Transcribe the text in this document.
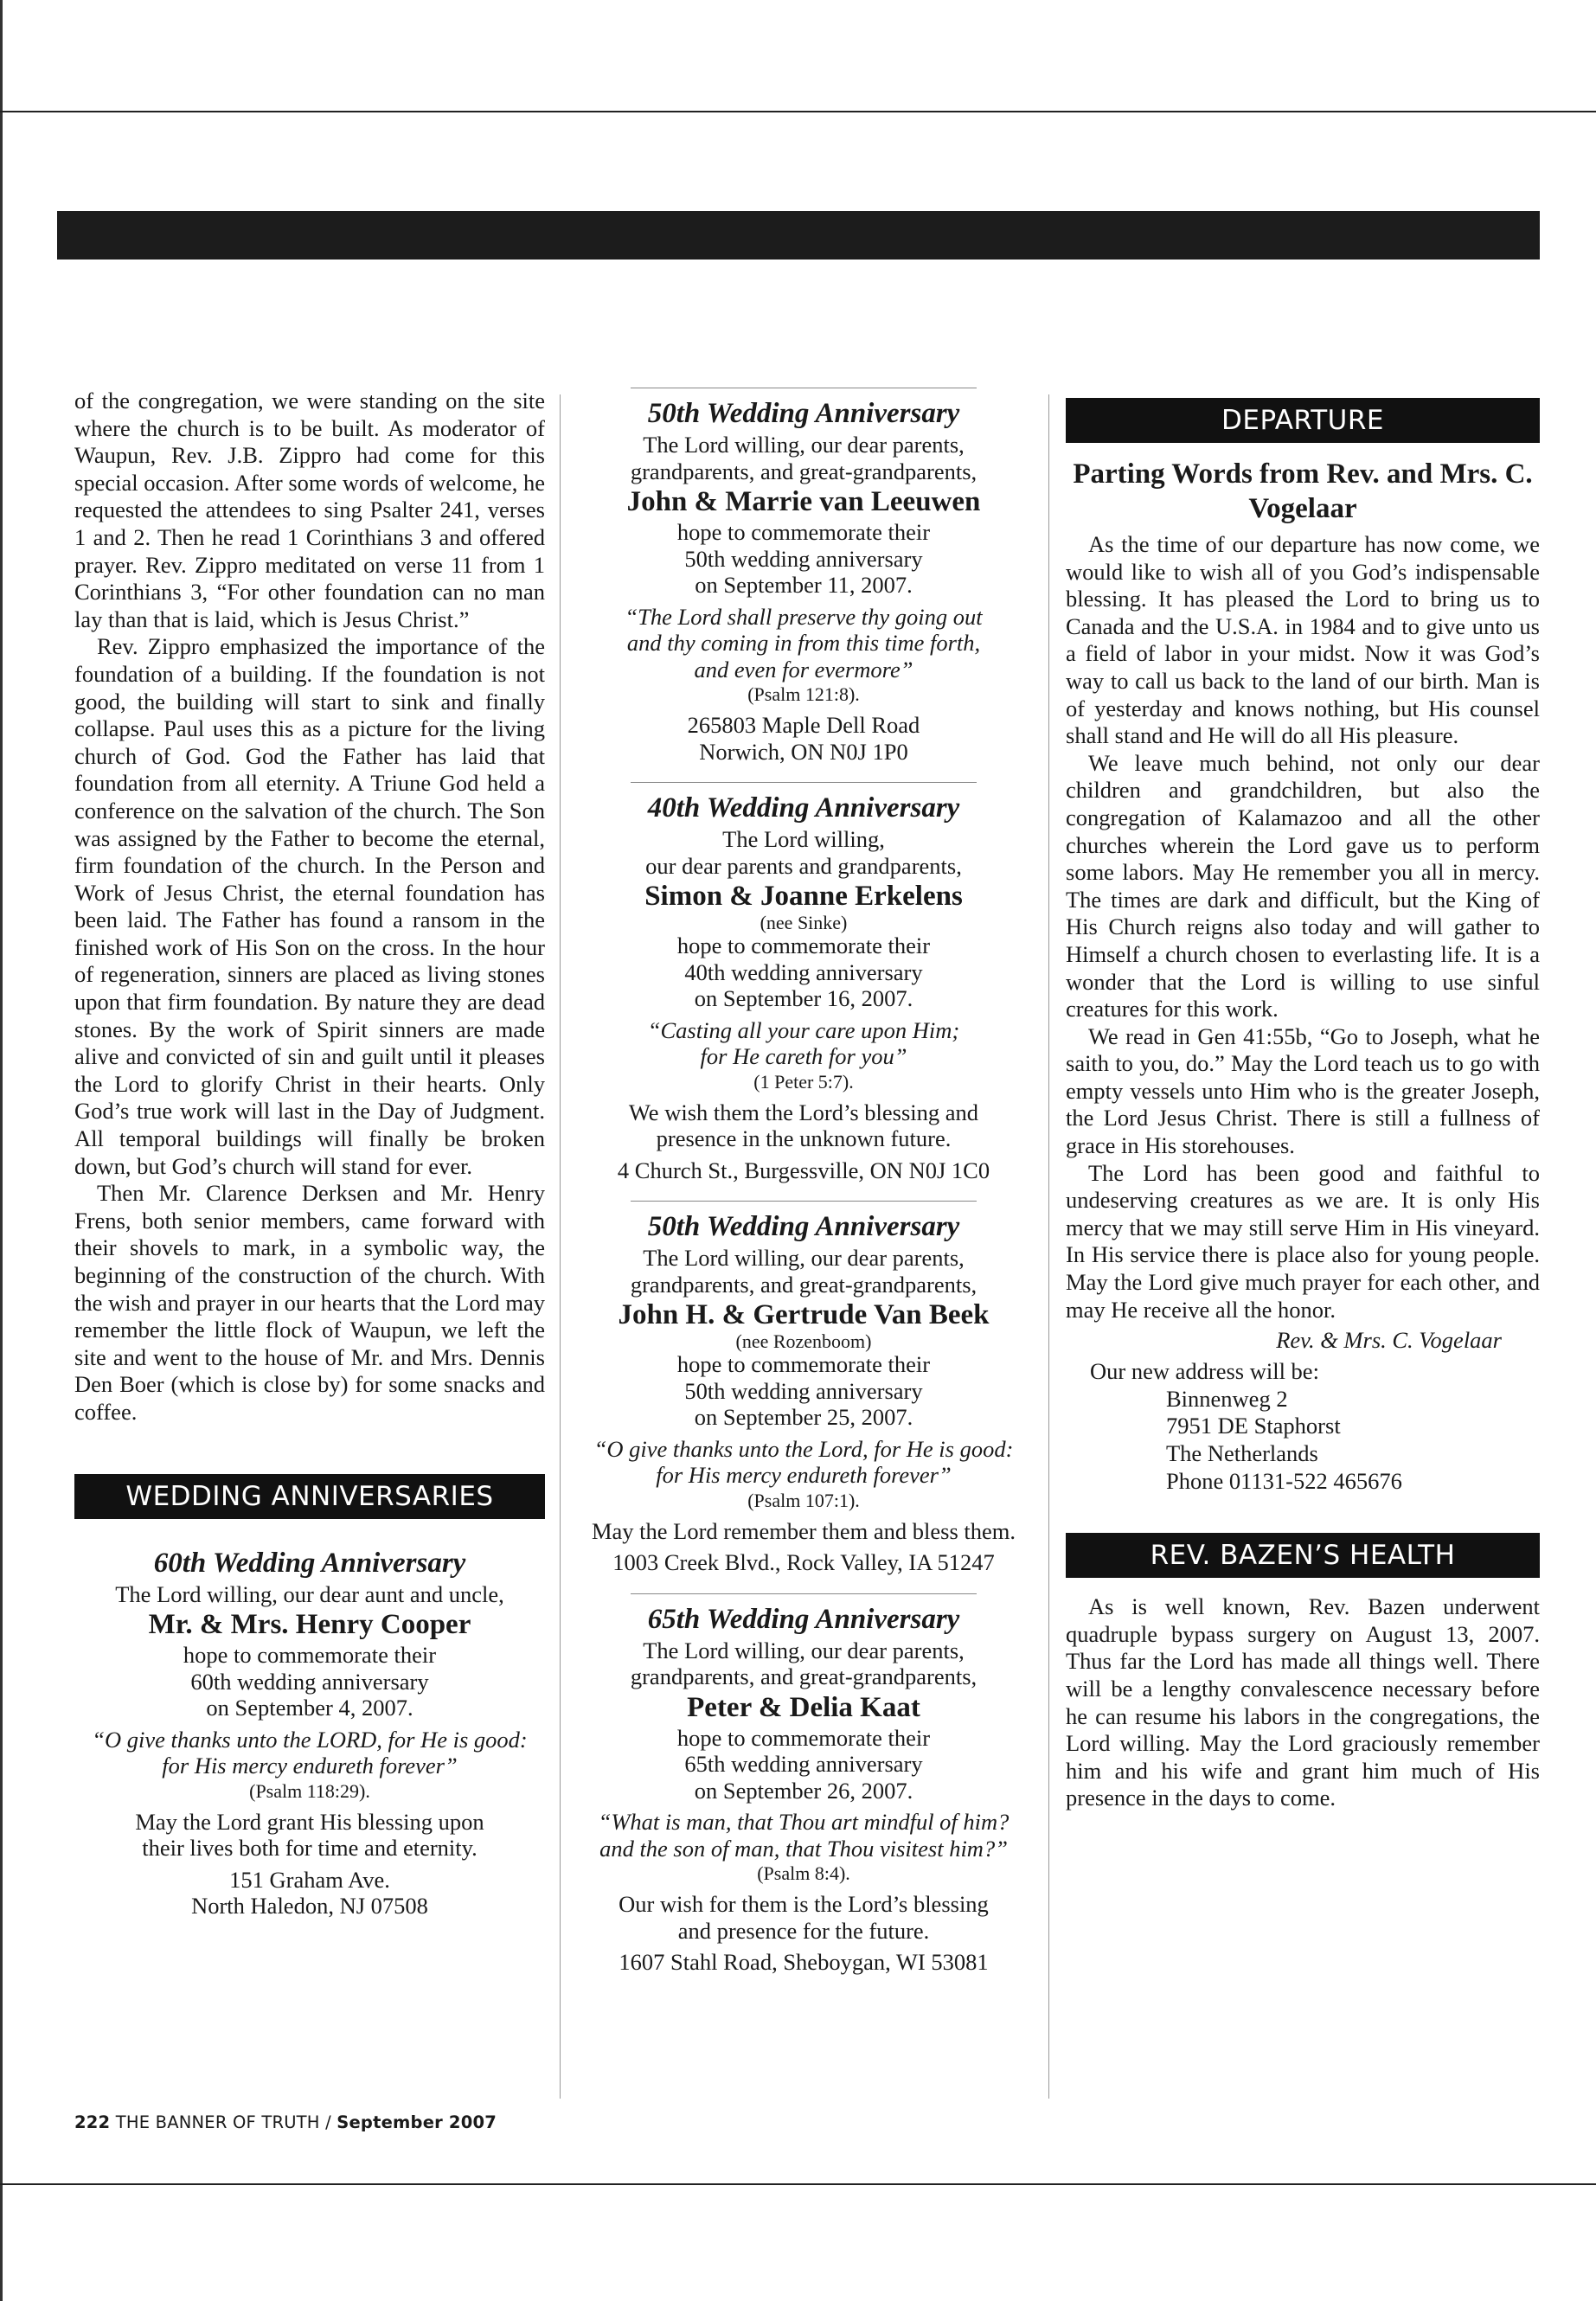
of the congregation, we were standing on the site where the church is to be built. As moderator of Waupun, Rev. J.B. Zippro had come for this special occasion. After some words of welcome, he requested the attendees to sing Psalter 241, verses 1 and 2. Then he read 1 Corinthians 3 and offered prayer. Rev. Zippro meditated on verse 11 from 1 Corinthians 3, “For other foundation can no man lay than that is laid, which is Jesus Christ.”

Rev. Zippro emphasized the importance of the foundation of a building. If the foundation is not good, the building will start to sink and finally collapse. Paul uses this as a picture for the living church of God. God the Father has laid that foundation from all eternity. A Triune God held a conference on the salvation of the church. The Son was assigned by the Father to become the eternal, firm foundation of the church. In the Person and Work of Jesus Christ, the eternal foundation has been laid. The Father has found a ransom in the finished work of His Son on the cross. In the hour of regeneration, sinners are placed as living stones upon that firm foundation. By nature they are dead stones. By the work of Spirit sinners are made alive and convicted of sin and guilt until it pleases the Lord to glorify Christ in their hearts. Only God’s true work will last in the Day of Judgment. All temporal buildings will finally be broken down, but God’s church will stand for ever.

Then Mr. Clarence Derksen and Mr. Henry Frens, both senior members, came forward with their shovels to mark, in a symbolic way, the beginning of the construction of the church. With the wish and prayer in our hearts that the Lord may remember the little flock of Waupun, we left the site and went to the house of Mr. and Mrs. Dennis Den Boer (which is close by) for some snacks and coffee.

WEDDING ANNIVERSARIES
60th Wedding Anniversary
The Lord willing, our dear aunt and uncle,
Mr. & Mrs. Henry Cooper
hope to commemorate their
60th wedding anniversary
on September 4, 2007.
“O give thanks unto the LORD, for He is good:
for His mercy endureth forever”
(Psalm 118:29).
May the Lord grant His blessing upon
their lives both for time and eternity.
151 Graham Ave.
North Haledon, NJ 07508
50th Wedding Anniversary
The Lord willing, our dear parents,
grandparents, and great-grandparents,
John & Marrie van Leeuwen
hope to commemorate their
50th wedding anniversary
on September 11, 2007.
“The Lord shall preserve thy going out
and thy coming in from this time forth,
and even for evermore”
(Psalm 121:8).
265803 Maple Dell Road
Norwich, ON N0J 1P0
40th Wedding Anniversary
The Lord willing,
our dear parents and grandparents,
Simon & Joanne Erkelens
(nee Sinke)
hope to commemorate their
40th wedding anniversary
on September 16, 2007.
“Casting all your care upon Him;
for He careth for you”
(1 Peter 5:7).
We wish them the Lord’s blessing and
presence in the unknown future.
4 Church St., Burgessville, ON N0J 1C0
50th Wedding Anniversary
The Lord willing, our dear parents,
grandparents, and great-grandparents,
John H. & Gertrude Van Beek
(nee Rozenboom)
hope to commemorate their
50th wedding anniversary
on September 25, 2007.
“O give thanks unto the Lord, for He is good:
for His mercy endureth forever”
(Psalm 107:1).
May the Lord remember them and bless them.
1003 Creek Blvd., Rock Valley, IA 51247
65th Wedding Anniversary
The Lord willing, our dear parents,
grandparents, and great-grandparents,
Peter & Delia Kaat
hope to commemorate their
65th wedding anniversary
on September 26, 2007.
“What is man, that Thou art mindful of him?
and the son of man, that Thou visitest him?”
(Psalm 8:4).
Our wish for them is the Lord’s blessing
and presence for the future.
1607 Stahl Road, Sheboygan, WI 53081
DEPARTURE
Parting Words from Rev. and Mrs. C. Vogelaar

As the time of our departure has now come, we would like to wish all of you God’s indispensable blessing. It has pleased the Lord to bring us to Canada and the U.S.A. in 1984 and to give unto us a field of labor in your midst. Now it was God’s way to call us back to the land of our birth. Man is of yesterday and knows nothing, but His counsel shall stand and He will do all His pleasure.

We leave much behind, not only our dear children and grandchildren, but also the congregation of Kalamazoo and all the other churches wherein the Lord gave us to perform some labors. May He remember you all in mercy. The times are dark and difficult, but the King of His Church reigns also today and will gather to Himself a church chosen to everlasting life. It is a wonder that the Lord is willing to use sinful creatures for this work.

We read in Gen 41:55b, “Go to Joseph, what he saith to you, do.” May the Lord teach us to go with empty vessels unto Him who is the greater Joseph, the Lord Jesus Christ. There is still a fullness of grace in His storehouses.

The Lord has been good and faithful to undeserving creatures as we are. It is only His mercy that we may still serve Him in His vineyard. In His service there is place also for young people. May the Lord give much prayer for each other, and may He receive all the honor.

Rev. & Mrs. C. Vogelaar
Our new address will be:
Binnenweg 2
7951 DE Staphorst
The Netherlands
Phone 01131-522 465676
REV. BAZEN’S HEALTH

As is well known, Rev. Bazen underwent quadruple bypass surgery on August 13, 2007. Thus far the Lord has made all things well. There will be a lengthy convalescence necessary before he can resume his labors in the congregations, the Lord willing. May the Lord graciously remember him and his wife and grant him much of His presence in the days to come.

222 THE BANNER OF TRUTH / September 2007
